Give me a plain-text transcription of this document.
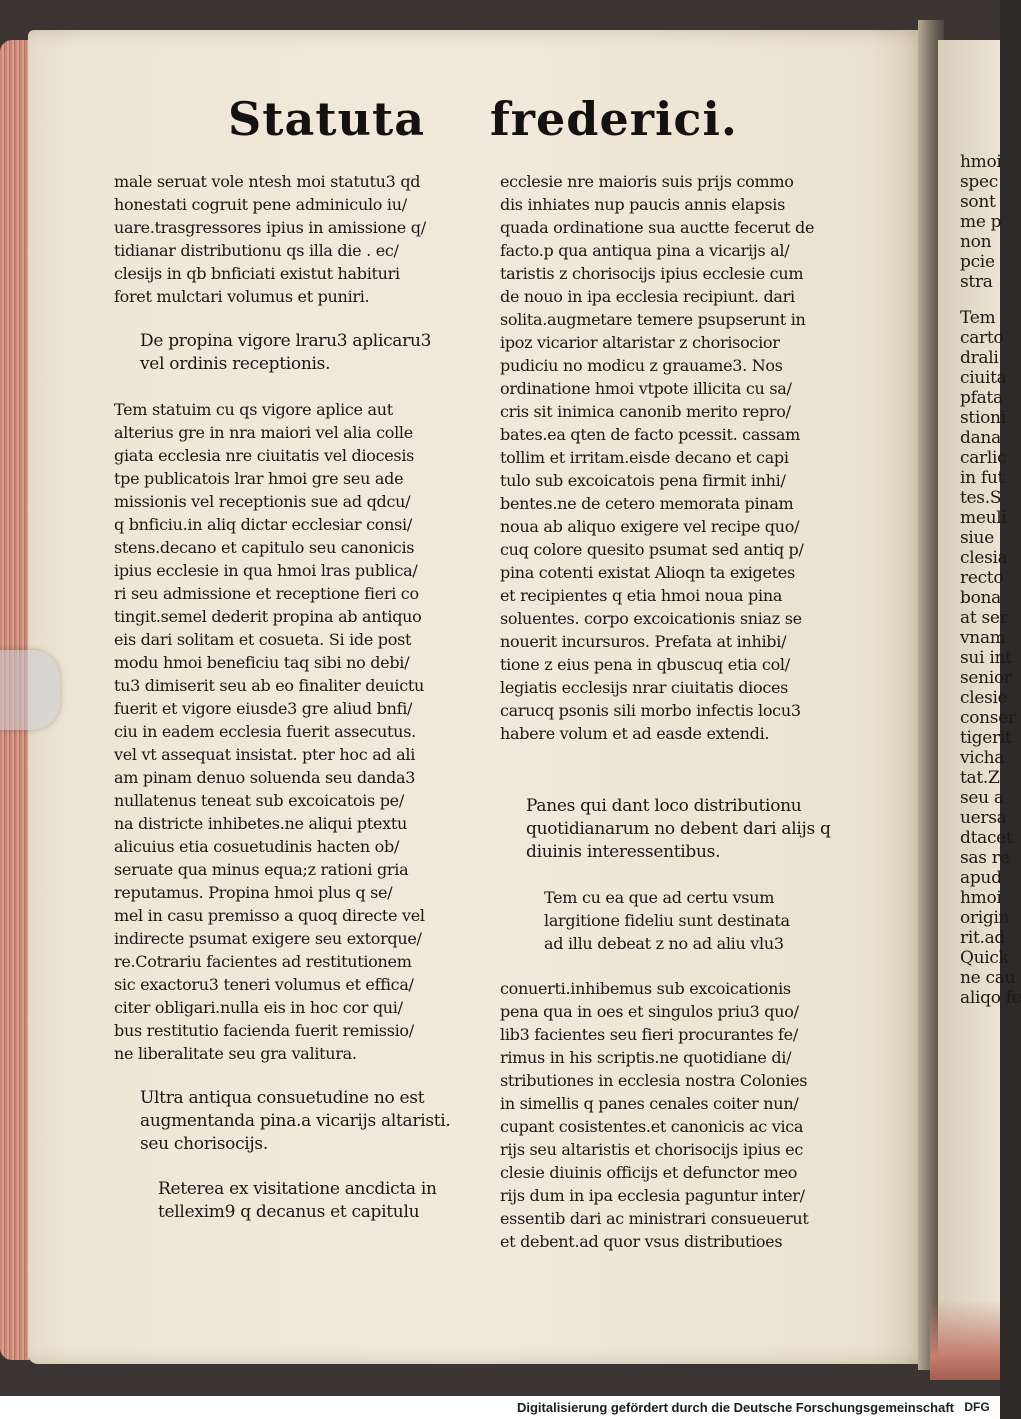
hmoi
spec
sont
me p
non
pcie
stra
Tem
carto
drali
ciuita
pfata
stioni
dana
carlic
in fut
tes.S
meuli
siue
clesia
recto
bona
at ser
vnam
sui int
senior
clesie
conser
tigerit
vicha
tat.Z
seu a
uersa
dtacet
sas re
apud
hmoi
origin
rit.ad
Quick
ne cau
aliqo fe
Statuta frederici.
male seruat vole ntesh moi statutu3 qd
honestati cogruit pene adminiculo iu/
uare.trasgressores ipius in amissione q/
tidianar distributionu qs illa die . ec/
clesijs in qb bnficiati existut habituri
foret mulctari volumus et puniri.
De propina vigore lraru3 aplicaru3
vel ordinis receptionis.
Tem statuim cu qs vigore aplice aut
alterius gre in nra maiori vel alia colle
giata ecclesia nre ciuitatis vel diocesis
tpe publicatois lrar hmoi gre seu ade
missionis vel receptionis sue ad qdcu/
q bnficiu.in aliq dictar ecclesiar consi/
stens.decano et capitulo seu canonicis
ipius ecclesie in qua hmoi lras publica/
ri seu admissione et receptione fieri co
tingit.semel dederit propina ab antiquo
eis dari solitam et cosueta. Si ide post
modu hmoi beneficiu taq sibi no debi/
tu3 dimiserit seu ab eo finaliter deuictu
fuerit et vigore eiusde3 gre aliud bnfi/
ciu in eadem ecclesia fuerit assecutus.
vel vt assequat insistat. pter hoc ad ali
am pinam denuo soluenda seu danda3
nullatenus teneat sub excoicatois pe/
na districte inhibetes.ne aliqui ptextu
alicuius etia cosuetudinis hacten ob/
seruate qua minus equa;z rationi gria
reputamus. Propina hmoi plus q se/
mel in casu premisso a quoq directe vel
indirecte psumat exigere seu extorque/
re.Cotrariu facientes ad restitutionem
sic exactoru3 teneri volumus et effica/
citer obligari.nulla eis in hoc cor qui/
bus restitutio facienda fuerit remissio/
ne liberalitate seu gra valitura.
Ultra antiqua consuetudine no est
augmentanda pina.a vicarijs altaristi.
seu chorisocijs.
Reterea ex visitatione ancdicta in
tellexim9 q decanus et capitulu
ecclesie nre maioris suis prijs commo
dis inhiates nup paucis annis elapsis
quada ordinatione sua auctte fecerut de
facto.p qua antiqua pina a vicarijs al/
taristis z chorisocijs ipius ecclesie cum
de nouo in ipa ecclesia recipiunt. dari
solita.augmetare temere psupserunt in
ipoz vicarior altaristar z chorisocior
pudiciu no modicu z grauame3. Nos
ordinatione hmoi vtpote illicita cu sa/
cris sit inimica canonib merito repro/
bates.ea qten de facto pcessit. cassam
tollim et irritam.eisde decano et capi
tulo sub excoicatois pena firmit inhi/
bentes.ne de cetero memorata pinam
noua ab aliquo exigere vel recipe quo/
cuq colore quesito psumat sed antiq p/
pina cotenti existat Alioqn ta exigetes
et recipientes q etia hmoi noua pina
soluentes. corpo excoicationis sniaz se
nouerit incursuros. Prefata at inhibi/
tione z eius pena in qbuscuq etia col/
legiatis ecclesijs nrar ciuitatis dioces
carucq psonis sili morbo infectis locu3
habere volum et ad easde extendi.
Panes qui dant loco distributionu
quotidianarum no debent dari alijs q
diuinis interessentibus.
Tem cu ea que ad certu vsum
largitione fideliu sunt destinata
ad illu debeat z no ad aliu vlu3
conuerti.inhibemus sub excoicationis
pena qua in oes et singulos priu3 quo/
lib3 facientes seu fieri procurantes fe/
rimus in his scriptis.ne quotidiane di/
stributiones in ecclesia nostra Colonies
in simellis q panes cenales coiter nun/
cupant cosistentes.et canonicis ac vica
rijs seu altaristis et chorisocijs ipius ec
clesie diuinis officijs et defunctor meo
rijs dum in ipa ecclesia paguntur inter/
essentib dari ac ministrari consueuerut
et debent.ad quor vsus distributioes
Digitalisierung gefördert durch die Deutsche Forschungsgemeinschaft DFG
